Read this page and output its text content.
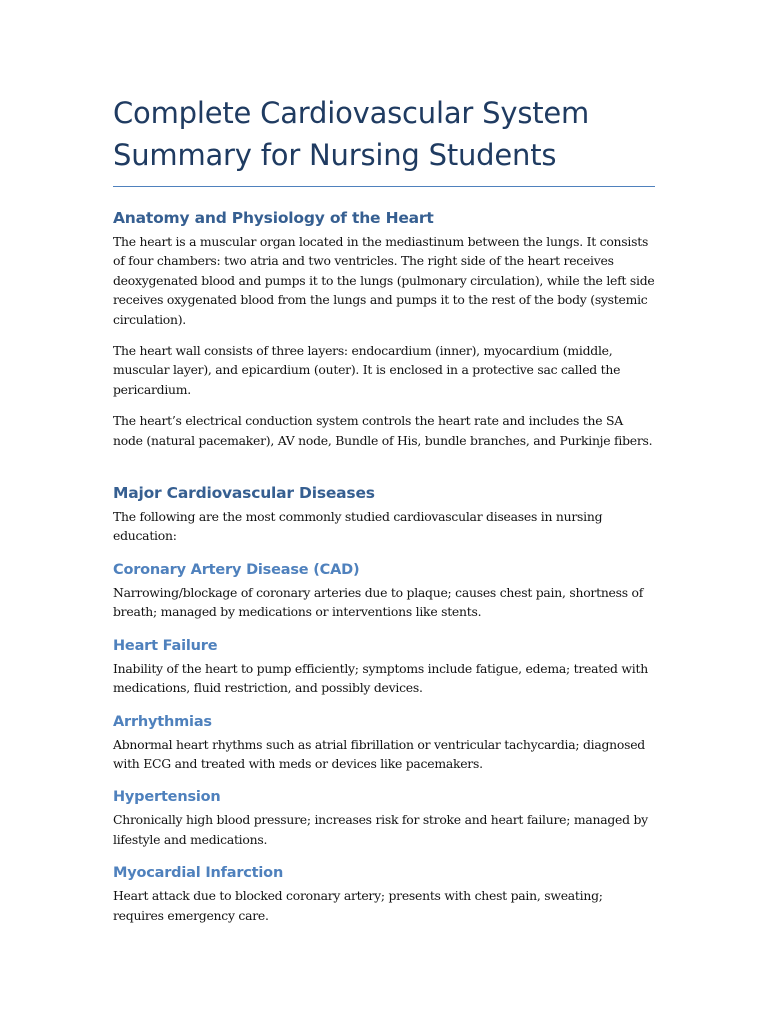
Complete Cardiovascular System Summary for Nursing Students
Anatomy and Physiology of the Heart

The heart is a muscular organ located in the mediastinum between the lungs. It consists of four chambers: two atria and two ventricles. The right side of the heart receives deoxygenated blood and pumps it to the lungs (pulmonary circulation), while the left side receives oxygenated blood from the lungs and pumps it to the rest of the body (systemic circulation).

The heart wall consists of three layers: endocardium (inner), myocardium (middle, muscular layer), and epicardium (outer). It is enclosed in a protective sac called the pericardium.

The heart’s electrical conduction system controls the heart rate and includes the SA node (natural pacemaker), AV node, Bundle of His, bundle branches, and Purkinje fibers.

Major Cardiovascular Diseases

The following are the most commonly studied cardiovascular diseases in nursing education:

Coronary Artery Disease (CAD)

Narrowing/blockage of coronary arteries due to plaque; causes chest pain, shortness of breath; managed by medications or interventions like stents.

Heart Failure

Inability of the heart to pump efficiently; symptoms include fatigue, edema; treated with medications, fluid restriction, and possibly devices.

Arrhythmias

Abnormal heart rhythms such as atrial fibrillation or ventricular tachycardia; diagnosed with ECG and treated with meds or devices like pacemakers.

Hypertension

Chronically high blood pressure; increases risk for stroke and heart failure; managed by lifestyle and medications.

Myocardial Infarction

Heart attack due to blocked coronary artery; presents with chest pain, sweating; requires emergency care.
